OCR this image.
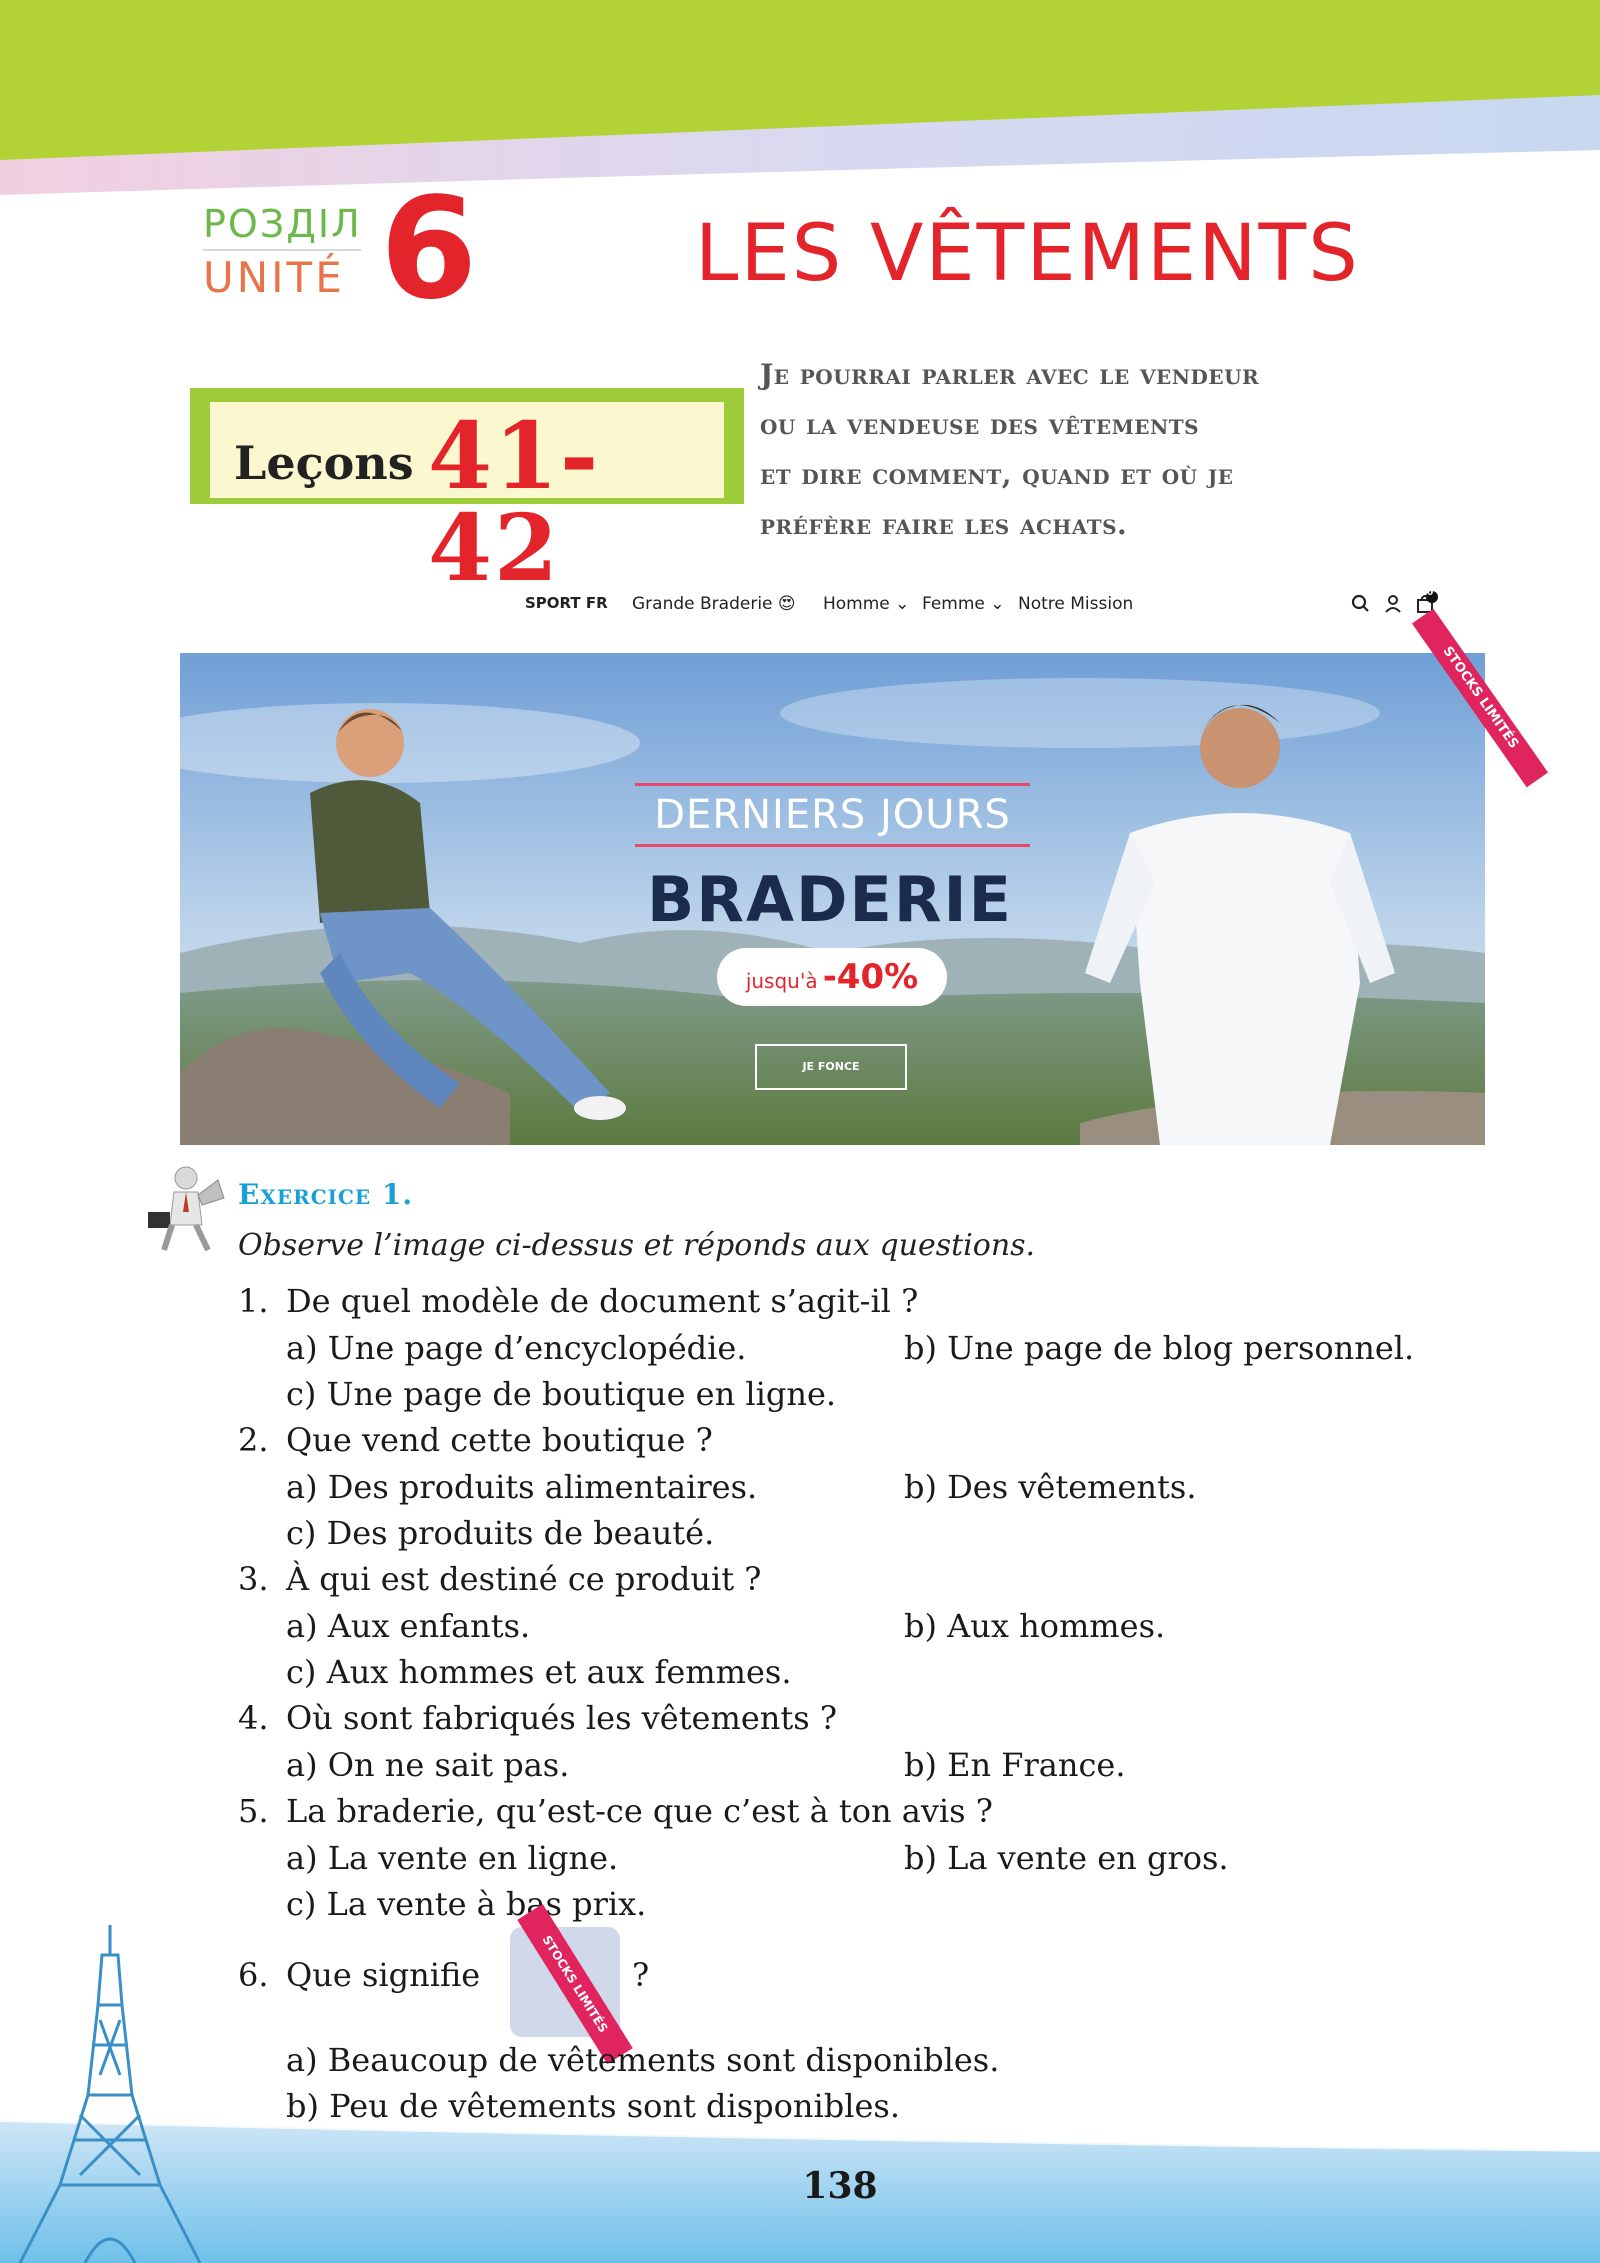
РОЗДІЛ
UNITÉ 6	LES VÊTEMENTS
Leçons 41-42
Je pourrai parler avec le vendeur
ou la vendeuse des vêtements
et dire comment, quand et où je
préfère faire les achats.
SPORT FR Grande Braderie 😍 Homme ⌄ Femme ⌄ Notre Mission
0
DERNIERS JOURS
BRADERIE
jusqu'à -40%
JE FONCE
STOCKS LIMITÉS
Exercice 1.
Observe l’image ci-dessus et réponds aux questions.
1. De quel modèle de document s’agit-il ?
a) Une page d’encyclopédie.	b) Une page de blog personnel.
c) Une page de boutique en ligne.
2. Que vend cette boutique ?
a) Des produits alimentaires.	b) Des vêtements.
c) Des produits de beauté.
3. À qui est destiné ce produit ?
a) Aux enfants.	b) Aux hommes.
c) Aux hommes et aux femmes.
4. Où sont fabriqués les vêtements ?
a) On ne sait pas.	b) En France.
5. La braderie, qu’est-ce que c’est à ton avis ?
a) La vente en ligne.	b) La vente en gros.
c) La vente à bas prix.
6. Que signifie	STOCKS LIMITÉS ?
a) Beaucoup de vêtements sont disponibles.
b) Peu de vêtements sont disponibles.
138
